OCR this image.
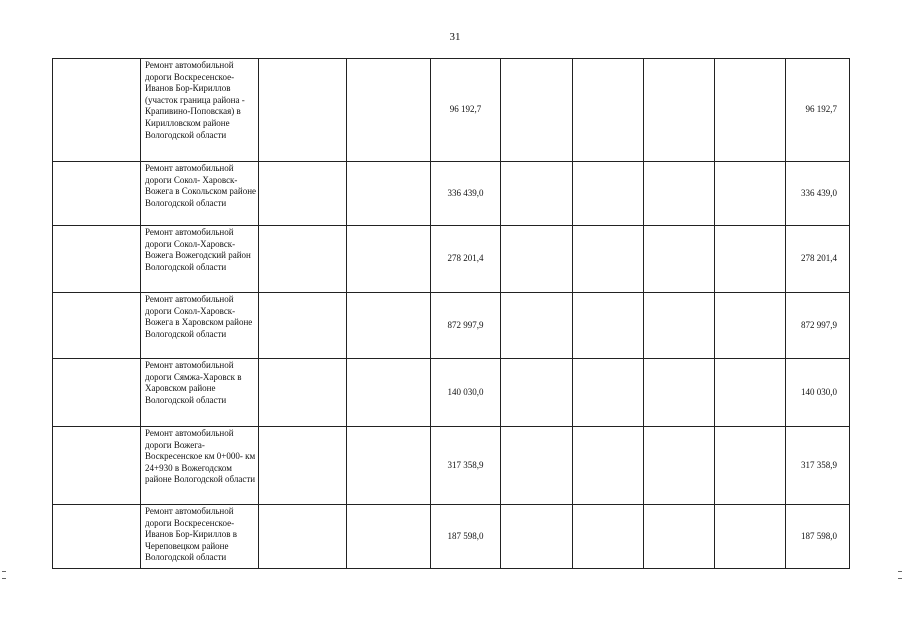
31
	Ремонт автомобильной дороги Воскресенское-Иванов Бор-Кириллов (участок граница района - Крапивино-Поповская) в Кирилловском районе Вологодской области			96 192,7					96 192,7
	Ремонт автомобильной дороги Сокол- Харовск- Вожега в Сокольском районе Вологодской области			336 439,0					336 439,0
	Ремонт автомобильной дороги Сокол-Харовск-Вожега Вожегодский район Вологодской области			278 201,4					278 201,4
	Ремонт автомобильной дороги Сокол-Харовск-Вожега в Харовском районе Вологодской области			872 997,9					872 997,9
	Ремонт автомобильной дороги Сямжа-Харовск в Харовском районе Вологодской области			140 030,0					140 030,0
	Ремонт автомобильной дороги Вожега-Воскресенское км 0+000- км 24+930 в Вожегодском районе Вологодской области			317 358,9					317 358,9
	Ремонт автомобильной дороги Воскресенское-Иванов Бор-Кириллов в Череповецком районе Вологодской области			187 598,0					187 598,0
